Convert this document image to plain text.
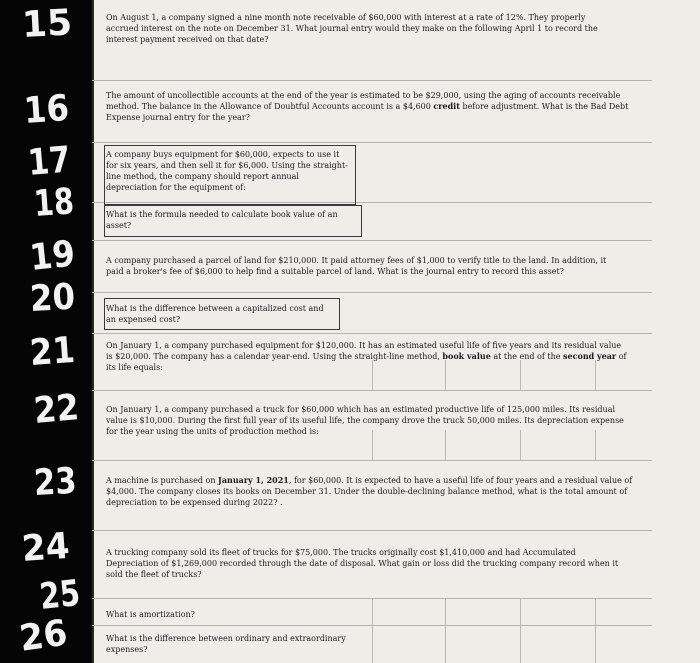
15
16
17
18
19
20
21
22
23
24
25
26

On August 1, a company signed a nine month note receivable of $60,000 with interest at a rate of 12%. They properly accrued interest on the note on December 31. What journal entry would they make on the following April 1 to record the interest payment received on that date?

The amount of uncollectible accounts at the end of the year is estimated to be $29,000, using the aging of accounts receivable method. The balance in the Allowance of Doubtful Accounts account is a $4,600 credit before adjustment. What is the Bad Debt Expense journal entry for the year?

A company buys equipment for $60,000, expects to use it for six years, and then sell it for $6,000. Using the straight-line method, the company should report annual depreciation for the equipment of:

What is the formula needed to calculate book value of an asset?

A company purchased a parcel of land for $210,000. It paid attorney fees of $1,000 to verify title to the land. In addition, it paid a broker's fee of $6,000 to help find a suitable parcel of land. What is the journal entry to record this asset?

What is the difference between a capitalized cost and an expensed cost?

On January 1, a company purchased equipment for $120,000. It has an estimated useful life of five years and its residual value is $20,000. The company has a calendar year-end. Using the straight-line method, book value at the end of the second year of its life equals:

On January 1, a company purchased a truck for $60,000 which has an estimated productive life of 125,000 miles. Its residual value is $10,000. During the first full year of its useful life, the company drove the truck 50,000 miles. Its depreciation expense for the year using the units of production method is:

A machine is purchased on January 1, 2021, for $60,000. It is expected to have a useful life of four years and a residual value of $4,000. The company closes its books on December 31. Under the double-declining balance method, what is the total amount of depreciation to be expensed during 2022? .

A trucking company sold its fleet of trucks for $75,000. The trucks originally cost $1,410,000 and had Accumulated Depreciation of $1,269,000 recorded through the date of disposal. What gain or loss did the trucking company record when it sold the fleet of trucks?

What is amortization?

What is the difference between ordinary and extraordinary expenses?
